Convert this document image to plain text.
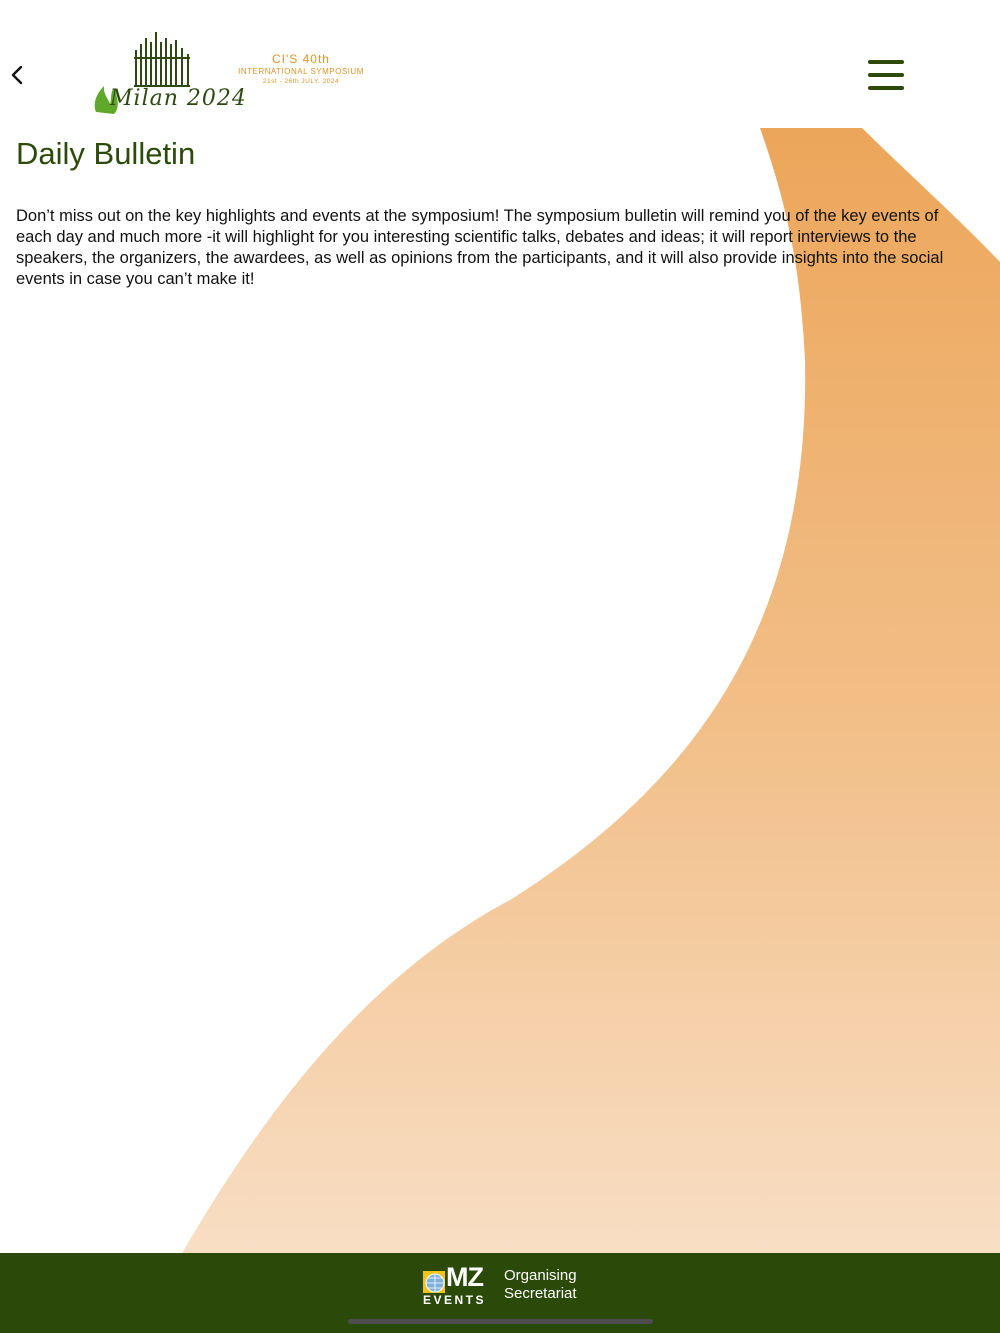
Milan 2024
CI'S 40th
INTERNATIONAL SYMPOSIUM
21st - 26th JULY, 2024
Daily Bulletin

Don’t miss out on the key highlights and events at the symposium! The symposium bulletin will remind you of the key events of each day and much more -it will highlight for you interesting scientific talks, debates and ideas; it will report interviews to the speakers, the organizers, the awardees, as well as opinions from the participants, and it will also provide insights into the social events in case you can’t make it!

MZ
EVENTS
Organising
Secretariat
